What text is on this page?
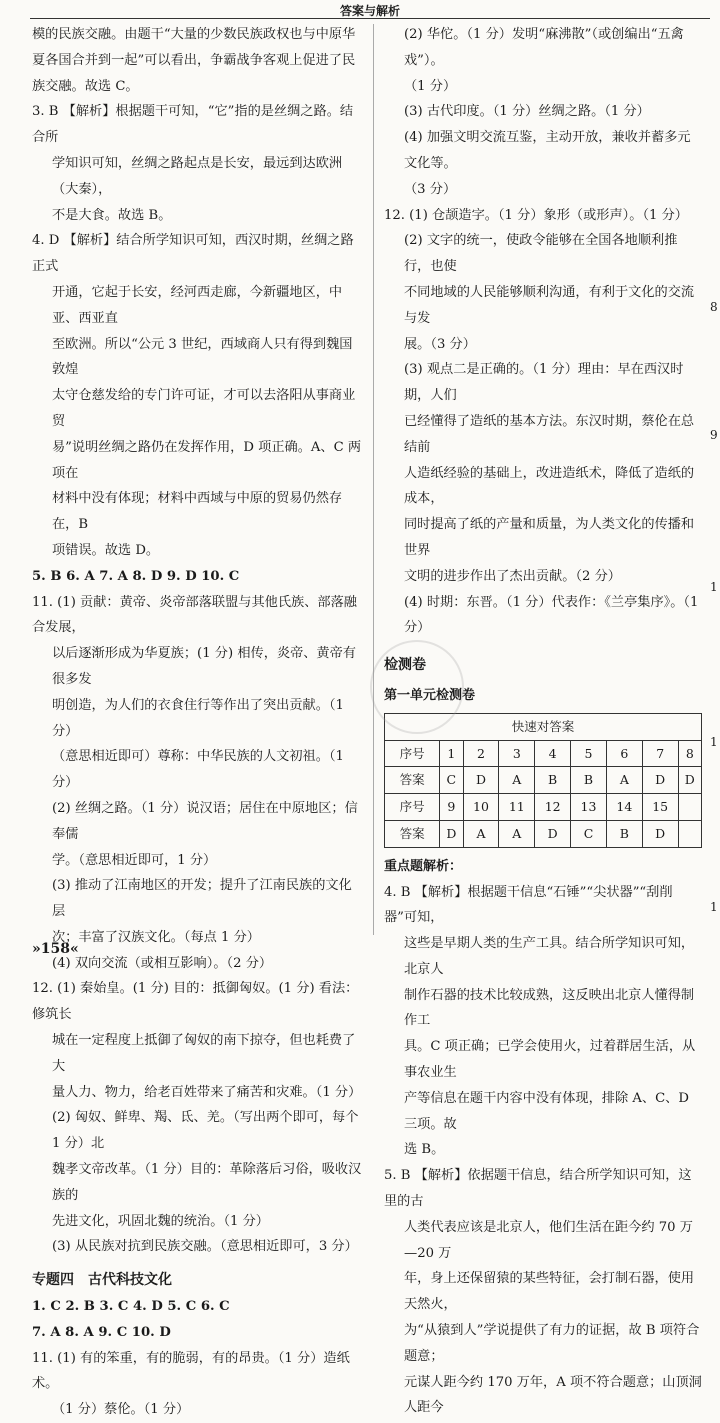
答案与解析

模的民族交融。由题干“大量的少数民族政权也与中原华

夏各国合并到一起”可以看出，争霸战争客观上促进了民

族交融。故选 C。

3. B 【解析】根据题干可知，“它”指的是丝绸之路。结合所

学知识可知，丝绸之路起点是长安，最远到达欧洲（大秦），

不是大食。故选 B。

4. D 【解析】结合所学知识可知，西汉时期，丝绸之路正式

开通，它起于长安，经河西走廊，今新疆地区，中亚、西亚直

至欧洲。所以“公元 3 世纪，西域商人只有得到魏国敦煌

太守仓慈发给的专门许可证，才可以去洛阳从事商业贸

易”说明丝绸之路仍在发挥作用，D 项正确。A、C 两项在

材料中没有体现；材料中西域与中原的贸易仍然存在，B

项错误。故选 D。

5. B 6. A 7. A 8. D 9. D 10. C

11. (1) 贡献：黄帝、炎帝部落联盟与其他氏族、部落融合发展，

以后逐渐形成为华夏族；(1 分) 相传，炎帝、黄帝有很多发

明创造，为人们的衣食住行等作出了突出贡献。（1 分）

（意思相近即可）尊称：中华民族的人文初祖。（1 分）

(2) 丝绸之路。（1 分）说汉语；居住在中原地区；信奉儒

学。（意思相近即可，1 分）

(3) 推动了江南地区的开发；提升了江南民族的文化层

次；丰富了汉族文化。（每点 1 分）

(4) 双向交流（或相互影响）。（2 分）

12. (1) 秦始皇。(1 分) 目的：抵御匈奴。(1 分) 看法：修筑长

城在一定程度上抵御了匈奴的南下掠夺，但也耗费了大

量人力、物力，给老百姓带来了痛苦和灾难。（1 分）

(2) 匈奴、鲜卑、羯、氐、羌。（写出两个即可，每个 1 分）北

魏孝文帝改革。（1 分）目的：革除落后习俗，吸收汉族的

先进文化，巩固北魏的统治。（1 分）

(3) 从民族对抗到民族交融。（意思相近即可，3 分）

专题四　古代科技文化

1. C 2. B 3. C 4. D 5. C 6. C

7. A 8. A 9. C 10. D

11. (1) 有的笨重，有的脆弱，有的昂贵。（1 分）造纸术。

（1 分）蔡伦。（1 分）

(2) 华佗。（1 分）发明“麻沸散”（或创编出“五禽戏”）。

（1 分）

(3) 古代印度。（1 分）丝绸之路。（1 分）

(4) 加强文明交流互鉴，主动开放，兼收并蓄多元文化等。

（3 分）

12. (1) 仓颉造字。（1 分）象形（或形声）。（1 分）

(2) 文字的统一，使政令能够在全国各地顺利推行，也使

不同地域的人民能够顺利沟通，有利于文化的交流与发

展。（3 分）

(3) 观点二是正确的。（1 分）理由：早在西汉时期，人们

已经懂得了造纸的基本方法。东汉时期，蔡伦在总结前

人造纸经验的基础上，改进造纸术，降低了造纸的成本，

同时提高了纸的产量和质量，为人类文化的传播和世界

文明的进步作出了杰出贡献。（2 分）

(4) 时期：东晋。（1 分）代表作：《兰亭集序》。（1 分）

检测卷

第一单元检测卷

快速对答案								
序号	1	2	3	4	5	6	7	8
答案	C	D	A	B	B	A	D	D
序号	9	10	11	12	13	14	15	
答案	D	A	A	D	C	B	D	

重点题解析：

4. B 【解析】根据题干信息“石锤”“尖状器”“刮削器”可知，

这些是早期人类的生产工具。结合所学知识可知，北京人

制作石器的技术比较成熟，这反映出北京人懂得制作工

具。C 项正确；已学会使用火，过着群居生活，从事农业生

产等信息在题干内容中没有体现，排除 A、C、D 三项。故

选 B。

5. B 【解析】依据题干信息，结合所学知识可知，这里的古

人类代表应该是北京人，他们生活在距今约 70 万—20 万

年，身上还保留猿的某些特征，会打制石器，使用天然火，

为“从猿到人”学说提供了有力的证据，故 B 项符合题意；

元谋人距今约 170 万年，A 项不符合题意；山顶洞人距今

8
9
1
1
1
»158«
